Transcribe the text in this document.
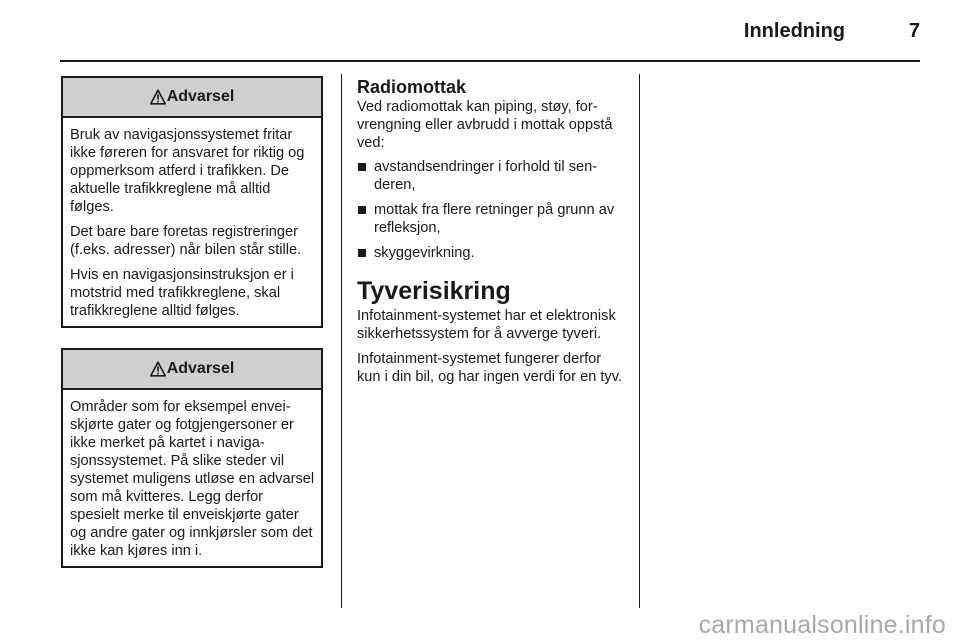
Innledning	7
Advarsel

Bruk av navigasjonssystemet fritar ikke føreren for ansvaret for riktig og oppmerksom atferd i trafikken. De aktuelle trafikkreglene må alltid følges.

Det bare bare foretas registreringer (f.eks. adresser) når bilen står stille.

Hvis en navigasjonsinstruksjon er i motstrid med trafikkreglene, skal trafikkreglene alltid følges.

Advarsel

Områder som for eksempel enveiskjørte gater og fotgjengersoner er ikke merket på kartet i navigasjonssystemet. På slike steder vil systemet muligens utløse en advarsel som må kvitteres. Legg derfor spesielt merke til enveiskjørte gater og andre gater og innkjørsler som det ikke kan kjøres inn i.

Radiomottak

Ved radiomottak kan piping, støy, forvrengning eller avbrudd i mottak oppstå ved:

avstandsendringer i forhold til senderen,
mottak fra flere retninger på grunn av refleksjon,
skyggevirkning.
Tyverisikring

Infotainment-systemet har et elektronisk sikkerhetssystem for å avverge tyveri.

Infotainment-systemet fungerer derfor kun i din bil, og har ingen verdi for en tyv.

carmanualsonline.info
